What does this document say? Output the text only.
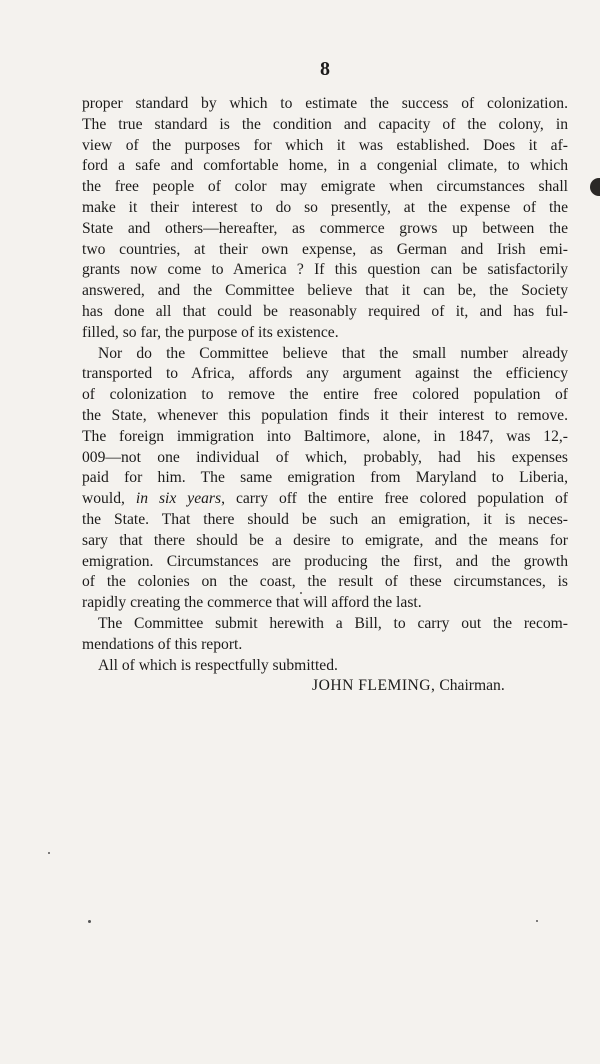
8
proper standard by which to estimate the success of colonization.
The true standard is the condition and capacity of the colony, in
view of the purposes for which it was established. Does it af-
ford a safe and comfortable home, in a congenial climate, to which
the free people of color may emigrate when circumstances shall
make it their interest to do so presently, at the expense of the
State and others—hereafter, as commerce grows up between the
two countries, at their own expense, as German and Irish emi-
grants now come to America ? If this question can be satisfactorily
answered, and the Committee believe that it can be, the Society
has done all that could be reasonably required of it, and has ful-
filled, so far, the purpose of its existence.
Nor do the Committee believe that the small number already
transported to Africa, affords any argument against the efficiency
of colonization to remove the entire free colored population of
the State, whenever this population finds it their interest to remove.
The foreign immigration into Baltimore, alone, in 1847, was 12,-
009—not one individual of which, probably, had his expenses
paid for him. The same emigration from Maryland to Liberia,
would, in six years, carry off the entire free colored population of
the State. That there should be such an emigration, it is neces-
sary that there should be a desire to emigrate, and the means for
emigration. Circumstances are producing the first, and the growth
of the colonies on the coast, the result of these circumstances, is
rapidly creating the commerce that will afford the last.
The Committee submit herewith a Bill, to carry out the recom-
mendations of this report.
All of which is respectfully submitted.
JOHN FLEMING, Chairman.
